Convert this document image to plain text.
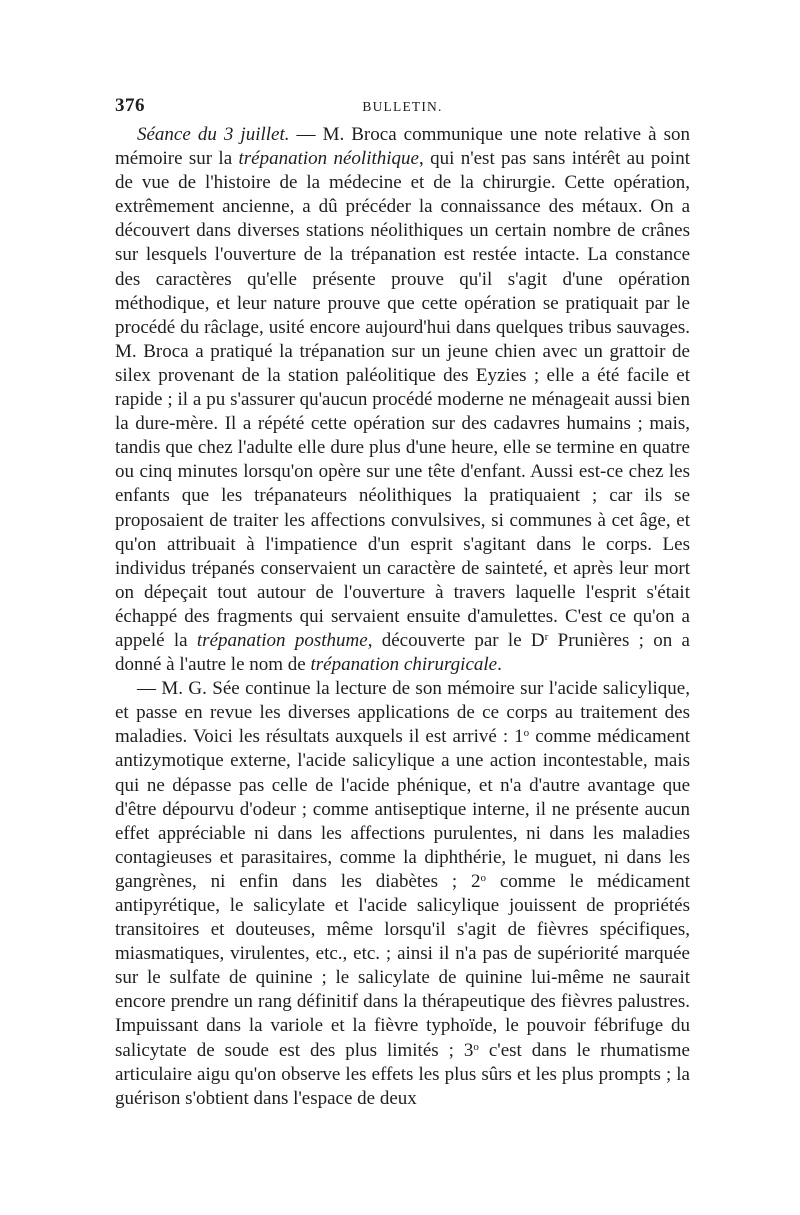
376	BULLETIN.

Séance du 3 juillet. — M. Broca communique une note relative à son mémoire sur la trépanation néolithique, qui n'est pas sans intérêt au point de vue de l'histoire de la médecine et de la chirurgie. Cette opération, extrêmement ancienne, a dû précéder la connaissance des métaux. On a découvert dans diverses stations néolithiques un certain nombre de crânes sur lesquels l'ouverture de la trépanation est restée intacte. La constance des caractères qu'elle présente prouve qu'il s'agit d'une opération méthodique, et leur nature prouve que cette opération se pratiquait par le procédé du râclage, usité encore aujourd'hui dans quelques tribus sauvages. M. Broca a pratiqué la trépanation sur un jeune chien avec un grattoir de silex provenant de la station paléolitique des Eyzies ; elle a été facile et rapide ; il a pu s'assurer qu'aucun procédé moderne ne ménageait aussi bien la dure-mère. Il a répété cette opération sur des cadavres humains ; mais, tandis que chez l'adulte elle dure plus d'une heure, elle se termine en quatre ou cinq minutes lorsqu'on opère sur une tête d'enfant. Aussi est-ce chez les enfants que les trépanateurs néolithiques la pratiquaient ; car ils se proposaient de traiter les affections convulsives, si communes à cet âge, et qu'on attribuait à l'impatience d'un esprit s'agitant dans le corps. Les individus trépanés conservaient un caractère de sainteté, et après leur mort on dépeçait tout autour de l'ouverture à travers laquelle l'esprit s'était échappé des fragments qui servaient ensuite d'amulettes. C'est ce qu'on a appelé la trépanation posthume, découverte par le $D^r$ Prunières ; on a donné à l'autre le nom de trépanation chirurgicale.

— M. G. Sée continue la lecture de son mémoire sur l'acide salicylique, et passe en revue les diverses applications de ce corps au traitement des maladies. Voici les résultats auxquels il est arrivé : 1$^o$ comme médicament antizymotique externe, l'acide salicylique a une action incontestable, mais qui ne dépasse pas celle de l'acide phénique, et n'a d'autre avantage que d'être dépourvu d'odeur ; comme antiseptique interne, il ne présente aucun effet appréciable ni dans les affections purulentes, ni dans les maladies contagieuses et parasitaires, comme la diphthérie, le muguet, ni dans les gangrènes, ni enfin dans les diabètes ; 2$^o$ comme le médicament antipyrétique, le salicylate et l'acide salicylique jouissent de propriétés transitoires et douteuses, même lorsqu'il s'agit de fièvres spécifiques, miasmatiques, virulentes, etc., etc. ; ainsi il n'a pas de supériorité marquée sur le sulfate de quinine ; le salicylate de quinine lui-même ne saurait encore prendre un rang définitif dans la thérapeutique des fièvres palustres. Impuissant dans la variole et la fièvre typhoïde, le pouvoir fébrifuge du salicytate de soude est des plus limités ; 3$^o$ c'est dans le rhumatisme articulaire aigu qu'on observe les effets les plus sûrs et les plus prompts ; la guérison s'obtient dans l'espace de deux
